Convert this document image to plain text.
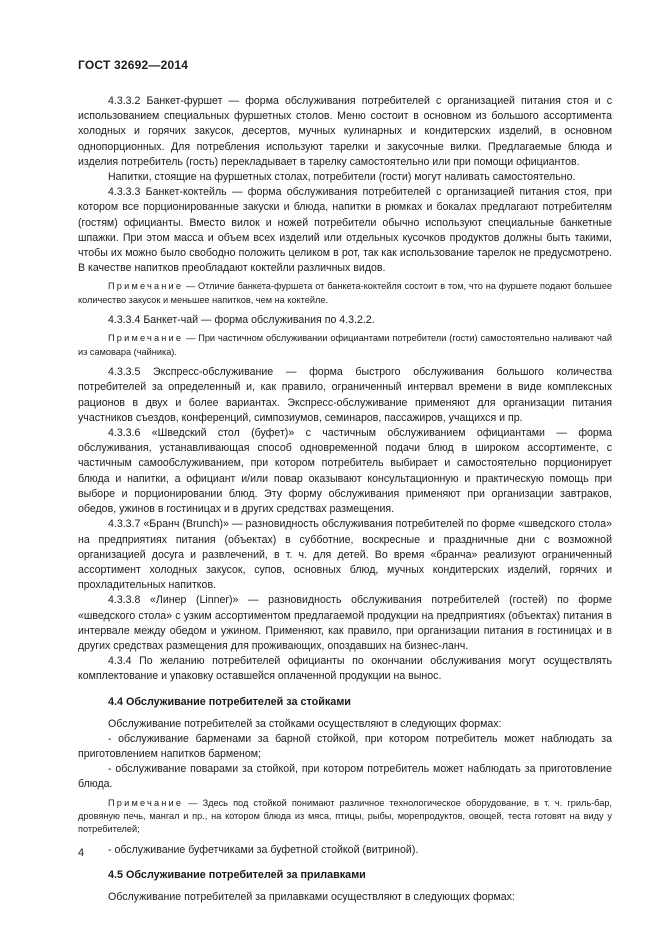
ГОСТ 32692—2014

4.3.3.2 Банкет-фуршет — форма обслуживания потребителей с организацией питания стоя и с использованием специальных фуршетных столов. Меню состоит в основном из большого ассортимента холодных и горячих закусок, десертов, мучных кулинарных и кондитерских изделий, в основном однопорционных. Для потребления используют тарелки и закусочные вилки. Предлагаемые блюда и изделия потребитель (гость) перекладывает в тарелку самостоятельно или при помощи официантов.

Напитки, стоящие на фуршетных столах, потребители (гости) могут наливать самостоятельно.

4.3.3.3 Банкет-коктейль — форма обслуживания потребителей с организацией питания стоя, при котором все порционированные закуски и блюда, напитки в рюмках и бокалах предлагают потребителям (гостям) официанты. Вместо вилок и ножей потребители обычно используют специальные банкетные шпажки. При этом масса и объем всех изделий или отдельных кусочков продуктов должны быть такими, чтобы их можно было свободно положить целиком в рот, так как использование тарелок не предусмотрено. В качестве напитков преобладают коктейли различных видов.

Примечание — Отличие банкета-фуршета от банкета-коктейля состоит в том, что на фуршете подают большее количество закусок и меньшее напитков, чем на коктейле.

4.3.3.4 Банкет-чай — форма обслуживания по 4.3.2.2.

Примечание — При частичном обслуживании официантами потребители (гости) самостоятельно наливают чай из самовара (чайника).

4.3.3.5 Экспресс-обслуживание — форма быстрого обслуживания большого количества потребителей за определенный и, как правило, ограниченный интервал времени в виде комплексных рационов в двух и более вариантах. Экспресс-обслуживание применяют для организации питания участников съездов, конференций, симпозиумов, семинаров, пассажиров, учащихся и пр.

4.3.3.6 «Шведский стол (буфет)» с частичным обслуживанием официантами — форма обслуживания, устанавливающая способ одновременной подачи блюд в широком ассортименте, с частичным самообслуживанием, при котором потребитель выбирает и самостоятельно порционирует блюда и напитки, а официант и/или повар оказывают консультационную и практическую помощь при выборе и порционировании блюд. Эту форму обслуживания применяют при организации завтраков, обедов, ужинов в гостиницах и в других средствах размещения.

4.3.3.7 «Бранч (Brunch)» — разновидность обслуживания потребителей по форме «шведского стола» на предприятиях питания (объектах) в субботние, воскресные и праздничные дни с возможной организацией досуга и развлечений, в т. ч. для детей. Во время «бранча» реализуют ограниченный ассортимент холодных закусок, супов, основных блюд, мучных кондитерских изделий, горячих и прохладительных напитков.

4.3.3.8 «Линер (Linner)» — разновидность обслуживания потребителей (гостей) по форме «шведского стола» с узким ассортиментом предлагаемой продукции на предприятиях (объектах) питания в интервале между обедом и ужином. Применяют, как правило, при организации питания в гостиницах и в других средствах размещения для проживающих, опоздавших на бизнес-ланч.

4.3.4 По желанию потребителей официанты по окончании обслуживания могут осуществлять комплектование и упаковку оставшейся оплаченной продукции на вынос.

4.4 Обслуживание потребителей за стойками

Обслуживание потребителей за стойками осуществляют в следующих формах:

- обслуживание барменами за барной стойкой, при котором потребитель может наблюдать за приготовлением напитков барменом;

- обслуживание поварами за стойкой, при котором потребитель может наблюдать за приготовление блюда.

Примечание — Здесь под стойкой понимают различное технологическое оборудование, в т. ч. гриль-бар, дровяную печь, мангал и пр., на котором блюда из мяса, птицы, рыбы, морепродуктов, овощей, теста готовят на виду у потребителей;

- обслуживание буфетчиками за буфетной стойкой (витриной).

4.5 Обслуживание потребителей за прилавками

Обслуживание потребителей за прилавками осуществляют в следующих формах:

4
